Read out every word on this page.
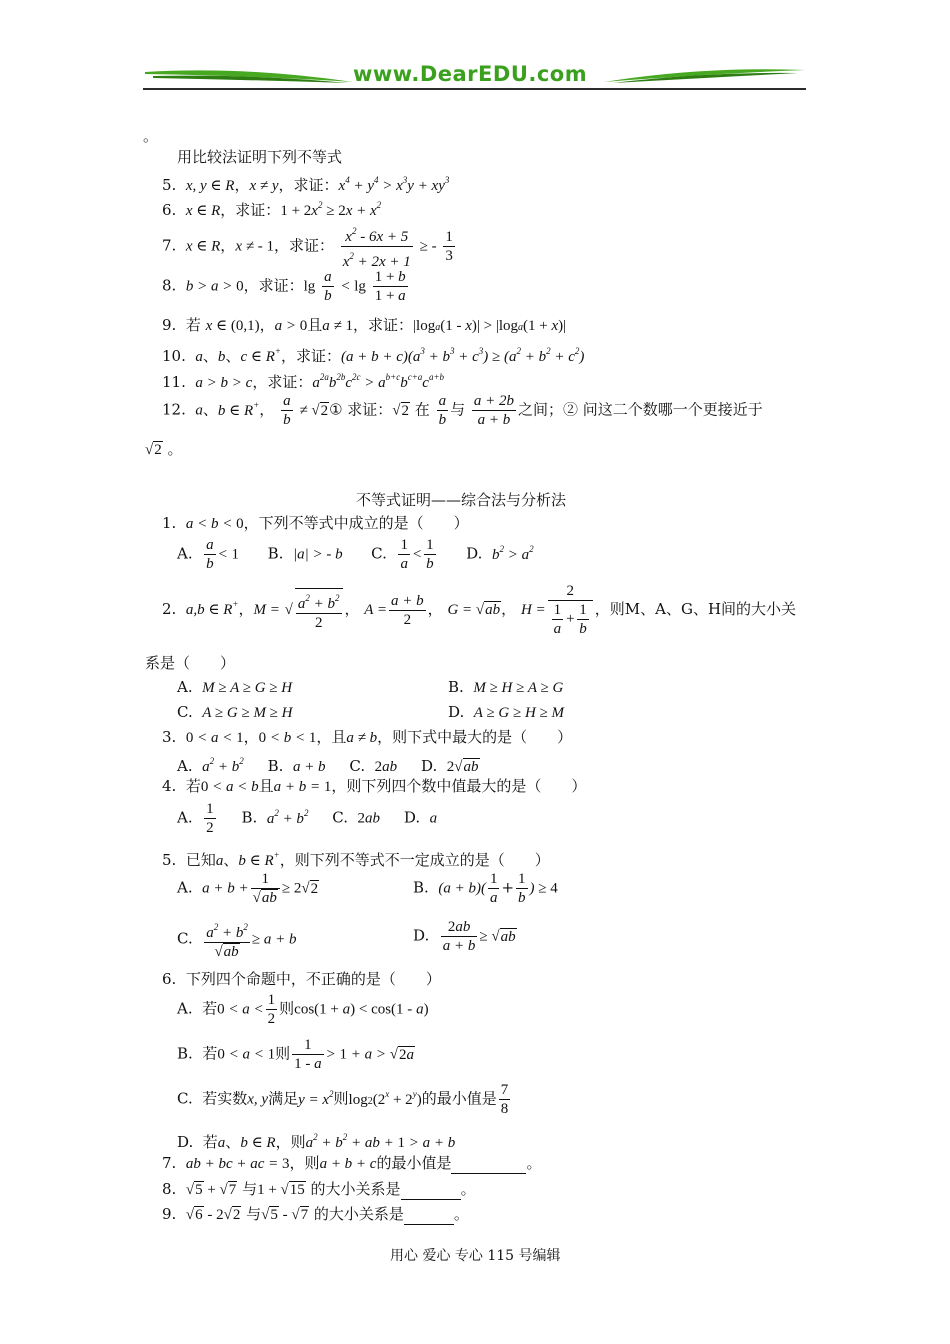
www.DearEDU.com
。
用比较法证明下列不等式
5. x, y ∈ R，x ≠ y，求证：$x^4 + y^4 > x^3y + xy^3$
6. x ∈ R，求证：$1 + 2x^2 \ge 2x + x^2$
7. x ∈ R，x ≠ - 1，求证： $\frac{x^2 - 6x + 5}{x^2 + 2x + 1}$ ≥ - $\frac{1}{3}$
8. b > a > 0，求证：$\lg \frac{a}{b} < \lg \frac{1 + b}{1 + a}$
9.  若 x ∈ (0,1)，a > 0且a ≠ 1，求证：|loga(1 - x)| > |loga(1 + x)|
10. a、b、c ∈ R+，求证：$(a + b + c)(a^3 + b^3 + c^3) \ge (a^2 + b^2 + c^2)$
11. a > b > c，求证：$a^{2a}b^{2b}c^{2c} > a^{b+c}b^{c+a}c^{a+b}$
12. a、b ∈ R+， $\frac{a}{b}$ ≠ √2① 求证：√2 在 $\frac{a}{b}$ 与 $\frac{a + 2b}{a + b}$ 之间；② 问这二个数哪一个更接近于
√2 。
不等式证明——综合法与分析法
1.  a < b < 0，下列不等式中成立的是（　　）
A. $\frac{a}{b} < 1$      B.  |a| > - b      C. $\frac{1}{a} < \frac{1}{b} D$.  $b^2 > a^2$
2.  a,b ∈ R+，M = √ $\frac{a^2 + b^2}{2}$ ， $A = \frac{a + b}{2}$ ， G = √ab， $H = \frac{2}{\frac{1}{a} + \frac{1}{b}}$ ，则M、A、G、H间的大小关
系是（　　）
A.  M ≥ A ≥ G ≥ H	B.  M ≥ H ≥ A ≥ G
C.  A ≥ G ≥ M ≥ H	D.  A ≥ G ≥ H ≥ M
3.  0 < a < 1，0 < b < 1，且a ≠ b，则下式中最大的是（　　）
A.  $a^2 + b^2$     B.  a + b     C.  2ab     D.  2√ab
4.  若0 < a < b且a + b = 1，则下列四个数中值最大的是（　　）
A. $\frac{1}{2} B$.  $a^2 + b^2$     C.  2ab     D.  a
5.  已知a、b ∈ R+，则下列不等式不一定成立的是（　　）
A.  $a + b + \frac{1}{√ab} \ge 2√2$	B.  $(a + b)( \frac{1}{a} + \frac{1}{b}$ ) ≥ 4
C. $\frac{a^2 + b^2}{√ab} \ge a + b$	D. $\frac{2ab}{a + b} \ge √ab$
6.  下列四个命题中，不正确的是（　　）
A.  若$0 < a < \frac{1}{2}$ 则cos(1 + a) < cos(1 - a)
B.  若0 < a < 1则 $\frac{1}{1 - a} > 1 + a > √2a$
C.  若实数x, y满足$y = x^2$则$\log 2(2^x + 2^y)$的最小值是 $\frac{7}{8}$
D.  若a、b ∈ R，则$a^2 + b^2$ + ab + 1 > a + b
7.  ab + bc + ac = 3，则a + b + c的最小值是	。
8.  √5 + √7 与1 + √15 的大小关系是	。
9.  √6 - 2√2 与√5 - √7 的大小关系是	。
用心 爱心 专心 115 号编辑
